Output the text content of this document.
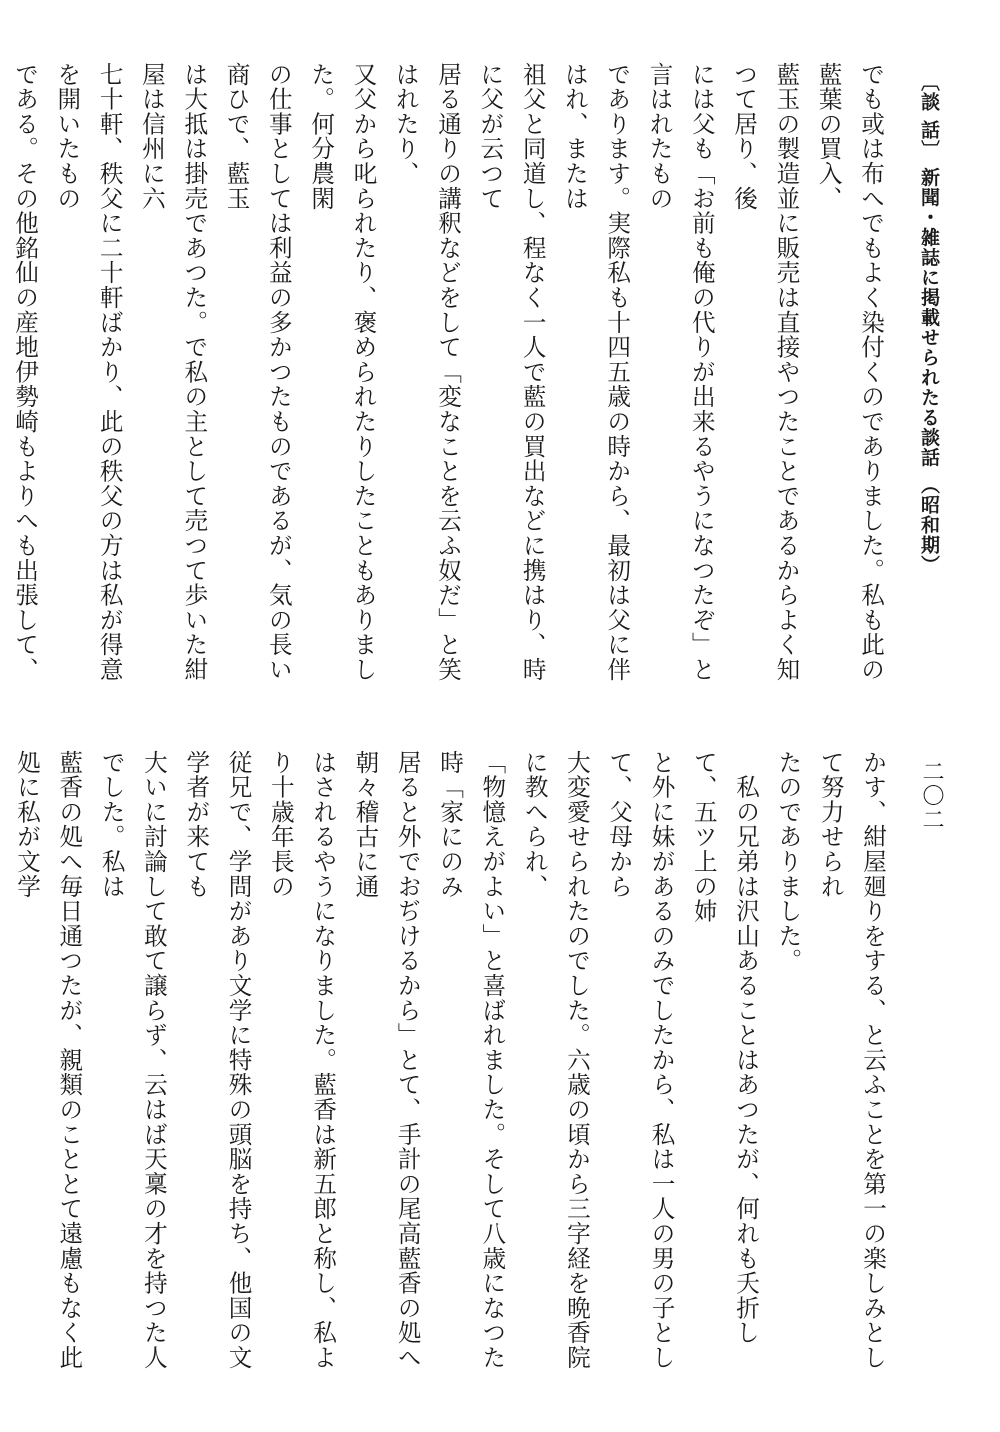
〔談 話〕 新聞・雑誌に掲載せられたる談話 （昭和期）
二〇二
でも或は布へでもよく染付くのでありました。私も此の藍葉の買入、
藍玉の製造並に販売は直接やつたことであるからよく知つて居り、後
には父も「お前も俺の代りが出来るやうになつたぞ」と言はれたもの
であります。実際私も十四五歳の時から、最初は父に伴はれ、または
祖父と同道し、程なく一人で藍の買出などに携はり、時に父が云つて
居る通りの講釈などをして「変なことを云ふ奴だ」と笑はれたり、
又父から叱られたり、褒められたりしたこともありました。何分農閑
の仕事としては利益の多かつたものであるが、気の長い商ひで、藍玉
は大抵は掛売であつた。で私の主として売つて歩いた紺屋は信州に六
七十軒、秩父に二十軒ばかり、此の秩父の方は私が得意を開いたもの
である。その他銘仙の産地伊勢崎もよりへも出張して、
かす、紺屋廻りをする、と云ふことを第一の楽しみとして努力せられ
たのでありました。
　私の兄弟は沢山あることはあつたが、何れも夭折して、五ツ上の姉
と外に妹があるのみでしたから、私は一人の男の子として、父母から
大変愛せられたのでした。六歳の頃から三字経を晩香院に教へられ、
「物憶えがよい」と喜ばれました。そして八歳になつた時「家にのみ
居ると外でおぢけるから」とて、手計の尾高藍香の処へ朝々稽古に通
はされるやうになりました。藍香は新五郎と称し、私より十歳年長の
従兄で、学問があり文学に特殊の頭脳を持ち、他国の文学者が来ても
大いに討論して敢て譲らず、云はば天稟の才を持つた人でした。私は
藍香の処へ毎日通つたが、親類のこととて遠慮もなく此処に私が文学
